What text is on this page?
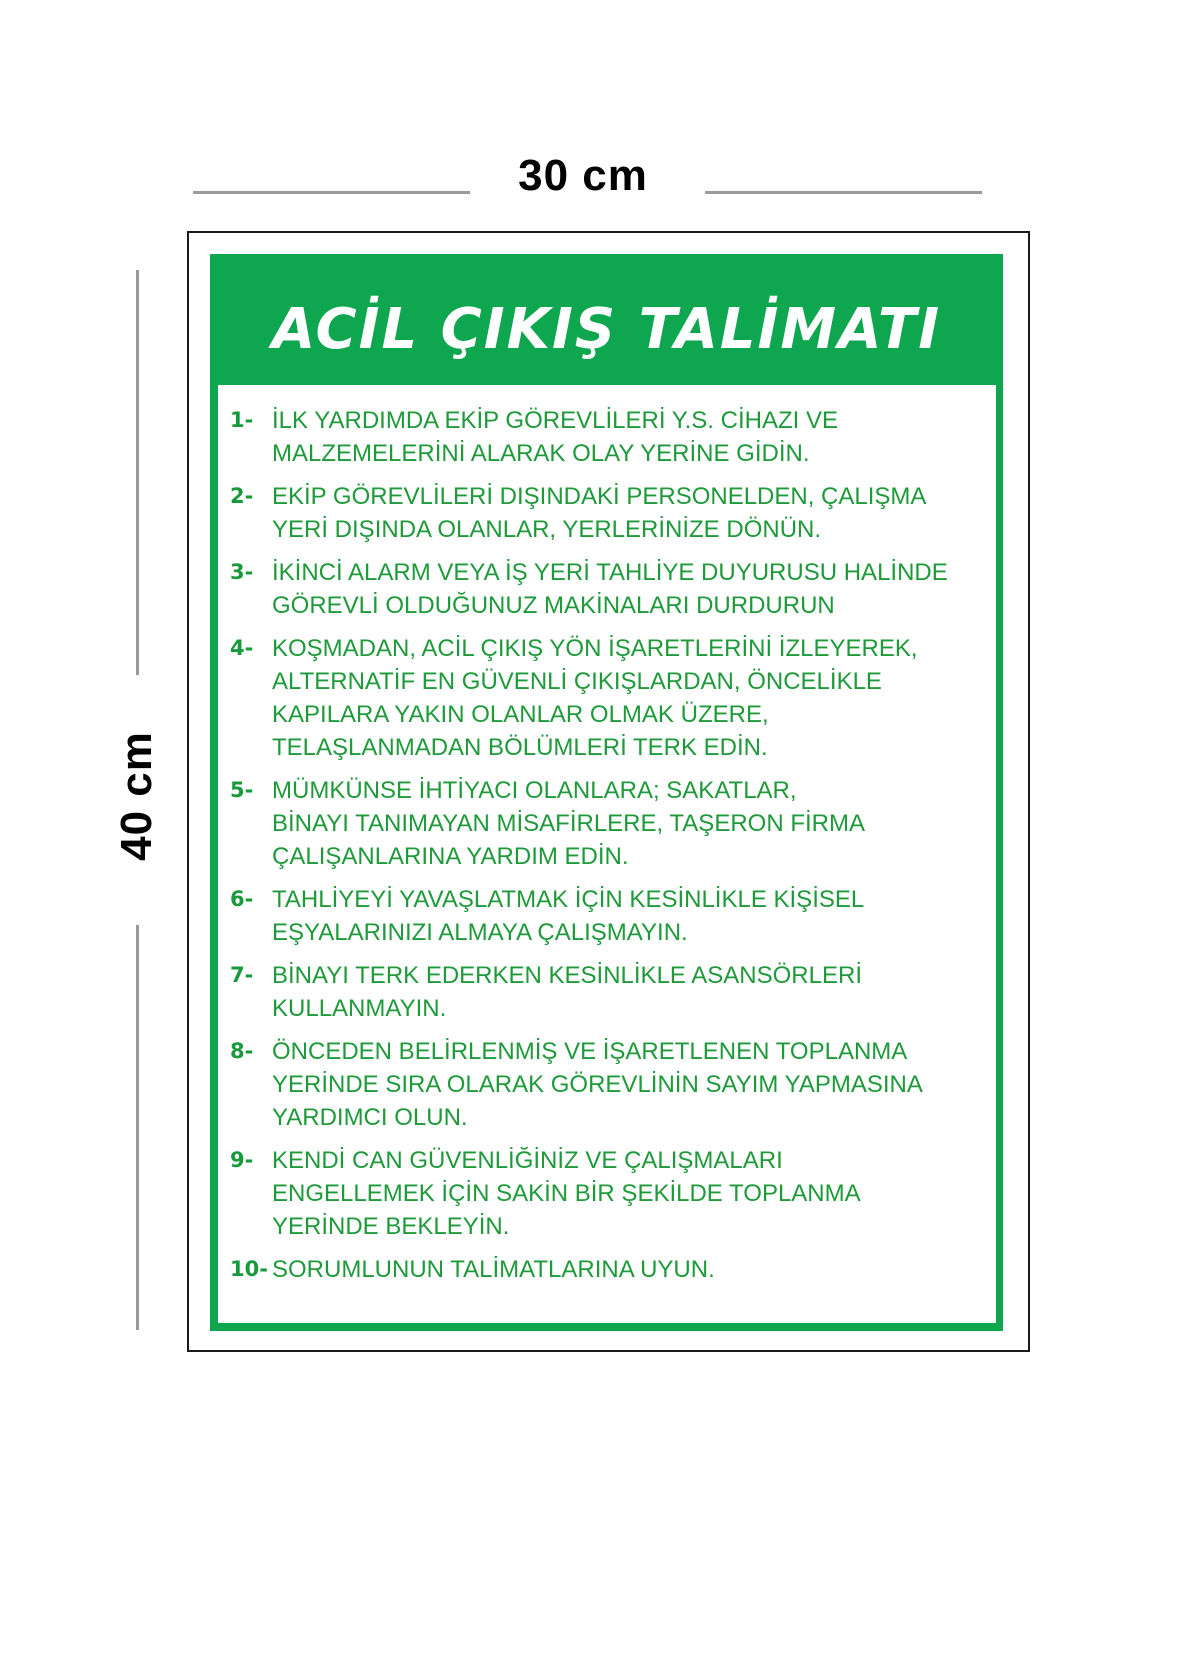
30 cm
40 cm
ACİL ÇIKIŞ TALİMATI
1- İLK YARDIMDA EKİP GÖREVLİLERİ Y.S. CİHAZI VE
MALZEMELERİNİ ALARAK OLAY YERİNE GİDİN.
2- EKİP GÖREVLİLERİ DIŞINDAKİ PERSONELDEN, ÇALIŞMA
YERİ DIŞINDA OLANLAR, YERLERİNİZE DÖNÜN.
3- İKİNCİ ALARM VEYA İŞ YERİ TAHLİYE DUYURUSU HALİNDE
GÖREVLİ OLDUĞUNUZ MAKİNALARI DURDURUN
4- KOŞMADAN, ACİL ÇIKIŞ YÖN İŞARETLERİNİ İZLEYEREK,
ALTERNATİF EN GÜVENLİ ÇIKIŞLARDAN, ÖNCELİKLE
KAPILARA YAKIN OLANLAR OLMAK ÜZERE,
TELAŞLANMADAN BÖLÜMLERİ TERK EDİN.
5- MÜMKÜNSE İHTİYACI OLANLARA; SAKATLAR,
BİNAYI TANIMAYAN MİSAFİRLERE, TAŞERON FİRMA
ÇALIŞANLARINA YARDIM EDİN.
6- TAHLİYEYİ YAVAŞLATMAK İÇİN KESİNLİKLE KİŞİSEL
EŞYALARINIZI ALMAYA ÇALIŞMAYIN.
7- BİNAYI TERK EDERKEN KESİNLİKLE ASANSÖRLERİ
KULLANMAYIN.
8- ÖNCEDEN BELİRLENMİŞ VE İŞARETLENEN TOPLANMA
YERİNDE SIRA OLARAK GÖREVLİNİN SAYIM YAPMASINA
YARDIMCI OLUN.
9- KENDİ CAN GÜVENLİĞİNİZ VE ÇALIŞMALARI
ENGELLEMEK İÇİN SAKİN BİR ŞEKİLDE TOPLANMA
YERİNDE BEKLEYİN.
10- SORUMLUNUN TALİMATLARINA UYUN.
